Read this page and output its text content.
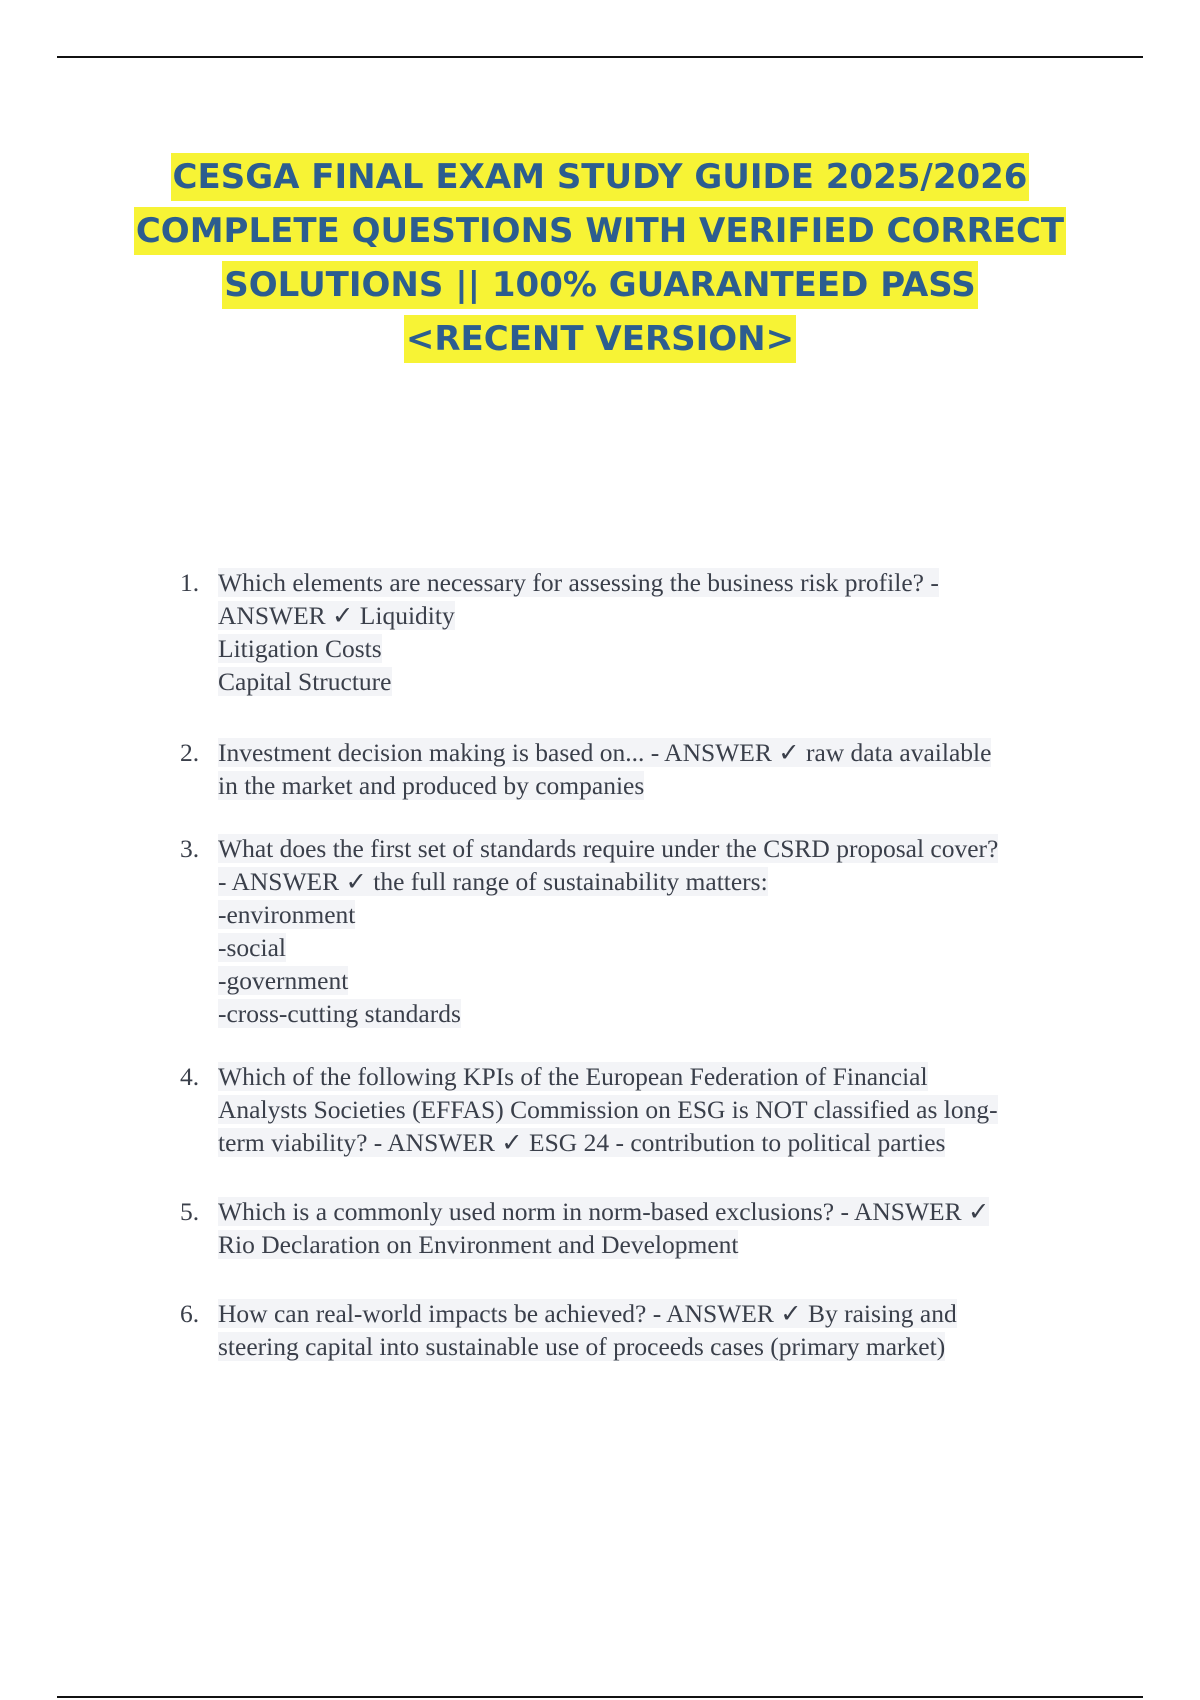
CESGA FINAL EXAM STUDY GUIDE 2025/2026
COMPLETE QUESTIONS WITH VERIFIED CORRECT
SOLUTIONS || 100% GUARANTEED PASS
<RECENT VERSION>
1. Which elements are necessary for assessing the business risk profile? -
ANSWER ✓ Liquidity
Litigation Costs
Capital Structure
2. Investment decision making is based on... - ANSWER ✓ raw data available
in the market and produced by companies
3. What does the first set of standards require under the CSRD proposal cover?
- ANSWER ✓ the full range of sustainability matters:
-environment
-social
-government
-cross-cutting standards
4. Which of the following KPIs of the European Federation of Financial
Analysts Societies (EFFAS) Commission on ESG is NOT classified as long-
term viability? - ANSWER ✓ ESG 24 - contribution to political parties
5. Which is a commonly used norm in norm-based exclusions? - ANSWER ✓
Rio Declaration on Environment and Development
6. How can real-world impacts be achieved? - ANSWER ✓ By raising and
steering capital into sustainable use of proceeds cases (primary market)
